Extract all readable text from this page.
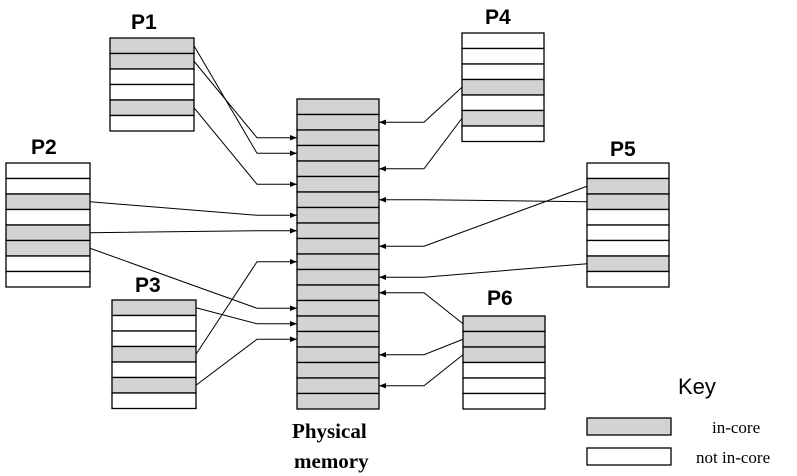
P1
P2
P3
P4
P5
P6
Physical
memory
Key
in-core
not in-core
